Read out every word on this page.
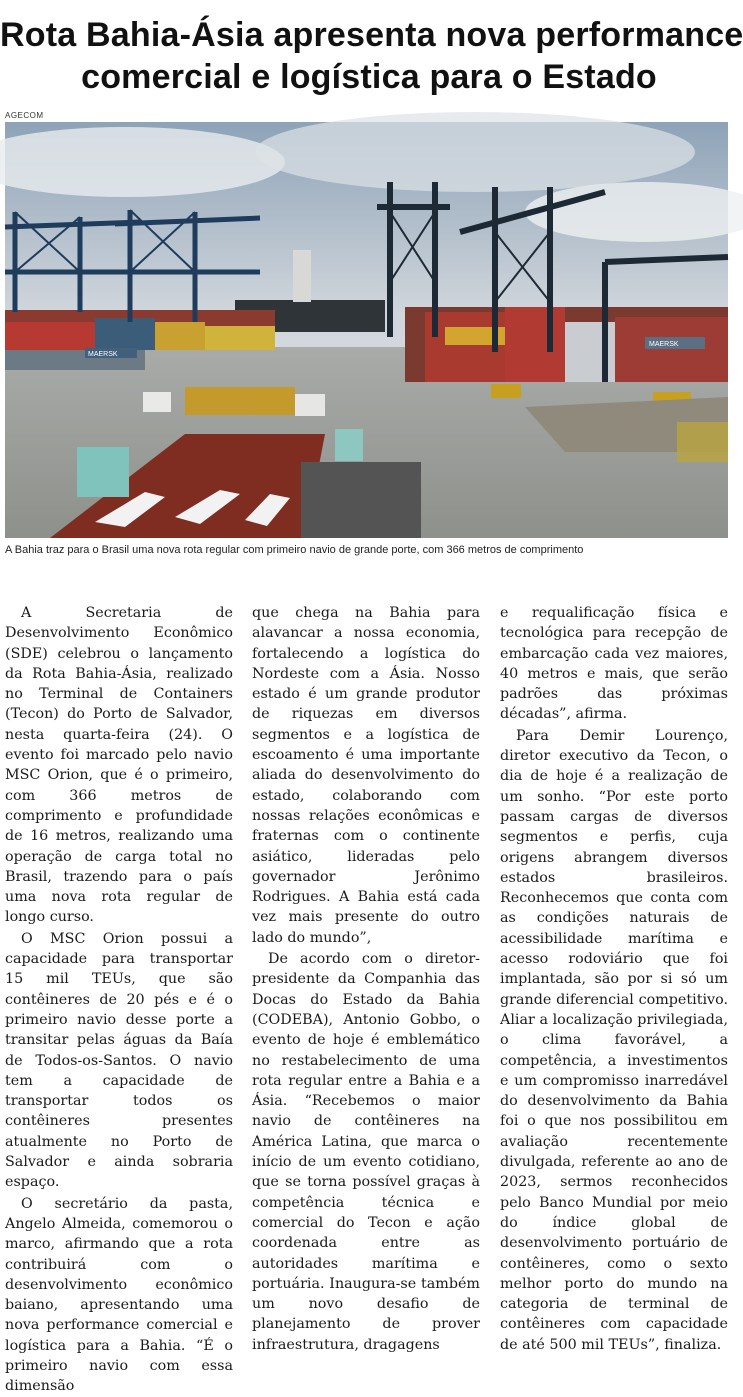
Rota Bahia-Ásia apresenta nova performance
comercial e logística para o Estado
AGECOM
MAERSK
MAERSK
A Bahia traz para o Brasil uma nova rota regular com primeiro navio de grande porte, com 366 metros de comprimento

A Secretaria de Desenvolvimento Econômico (SDE) celebrou o lançamento da Rota Bahia-Ásia, realizado no Terminal de Containers (Tecon) do Porto de Salvador, nesta quarta-feira (24). O evento foi marcado pelo navio MSC Orion, que é o primeiro, com 366 metros de comprimento e profundidade de 16 metros, realizando uma operação de carga total no Brasil, trazendo para o país uma nova rota regular de longo curso.

O MSC Orion possui a capacidade para transportar 15 mil TEUs, que são contêineres de 20 pés e é o primeiro navio desse porte a transitar pelas águas da Baía de Todos-os-Santos. O navio tem a capacidade de transportar todos os contêineres presentes atualmente no Porto de Salvador e ainda sobraria espaço.

O secretário da pasta, Angelo Almeida, comemorou o marco, afirmando que a rota contribuirá com o desenvolvimento econômico baiano, apresentando uma nova performance comercial e logística para a Bahia. “É o primeiro navio com essa dimensão

que chega na Bahia para alavancar a nossa economia, fortalecendo a logística do Nordeste com a Ásia. Nosso estado é um grande produtor de riquezas em diversos segmentos e a logística de escoamento é uma importante aliada do desenvolvimento do estado, colaborando com nossas relações econômicas e fraternas com o continente asiático, lideradas pelo governador Jerônimo Rodrigues. A Bahia está cada vez mais presente do outro lado do mundo”,

De acordo com o diretor-presidente da Companhia das Docas do Estado da Bahia (CODEBA), Antonio Gobbo, o evento de hoje é emblemático no restabelecimento de uma rota regular entre a Bahia e a Ásia. “Recebemos o maior navio de contêineres na América Latina, que marca o início de um evento cotidiano, que se torna possível graças à competência técnica e comercial do Tecon e ação coordenada entre as autoridades marítima e portuária. Inaugura-se também um novo desafio de planejamento de prover infraestrutura, dragagens

e requalificação física e tecnológica para recepção de embarcação cada vez maiores, 40 metros e mais, que serão padrões das próximas décadas”, afirma.

Para Demir Lourenço, diretor executivo da Tecon, o dia de hoje é a realização de um sonho. “Por este porto passam cargas de diversos segmentos e perfis, cuja origens abrangem diversos estados brasileiros. Reconhecemos que conta com as condições naturais de acessibilidade marítima e acesso rodoviário que foi implantada, são por si só um grande diferencial competitivo. Aliar a localização privilegiada, o clima favorável, a competência, a investimentos e um compromisso inarredável do desenvolvimento da Bahia foi o que nos possibilitou em avaliação recentemente divulgada, referente ao ano de 2023, sermos reconhecidos pelo Banco Mundial por meio do índice global de desenvolvimento portuário de contêineres, como o sexto melhor porto do mundo na categoria de terminal de contêineres com capacidade de até 500 mil TEUs”, finaliza.
